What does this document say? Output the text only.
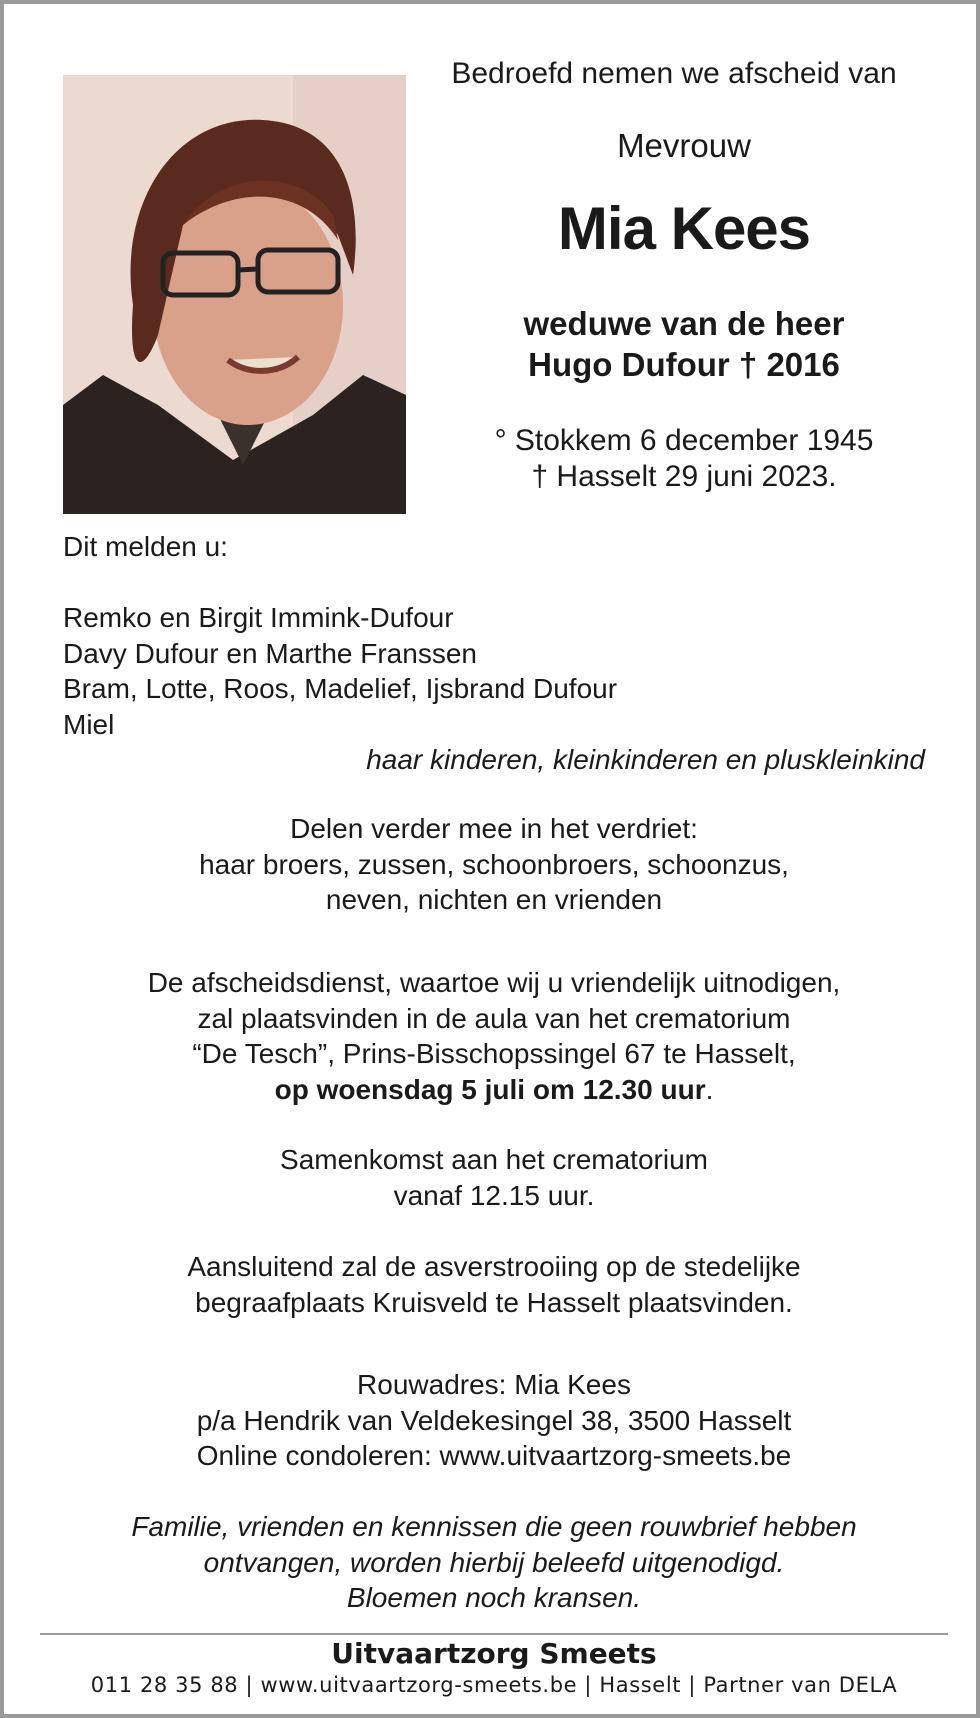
Bedroefd nemen we afscheid van
Mevrouw
Mia Kees
weduwe van de heer
Hugo Dufour † 2016
° Stokkem 6 december 1945
† Hasselt 29 juni 2023.
Dit melden u:
Remko en Birgit Immink-Dufour
Davy Dufour en Marthe Franssen
Bram, Lotte, Roos, Madelief, Ijsbrand Dufour
Miel
haar kinderen, kleinkinderen en pluskleinkind
Delen verder mee in het verdriet:
haar broers, zussen, schoonbroers, schoonzus,
neven, nichten en vrienden
De afscheidsdienst, waartoe wij u vriendelijk uitnodigen,
zal plaatsvinden in de aula van het crematorium
“De Tesch”, Prins-Bisschopssingel 67 te Hasselt,
op woensdag 5 juli om 12.30 uur.
Samenkomst aan het crematorium
vanaf 12.15 uur.
Aansluitend zal de asverstrooiing op de stedelijke
begraafplaats Kruisveld te Hasselt plaatsvinden.
Rouwadres: Mia Kees
p/a Hendrik van Veldekesingel 38, 3500 Hasselt
Online condoleren: www.uitvaartzorg-smeets.be
Familie, vrienden en kennissen die geen rouwbrief hebben
ontvangen, worden hierbij beleefd uitgenodigd.
Bloemen noch kransen.
Uitvaartzorg Smeets
011 28 35 88 | www.uitvaartzorg-smeets.be | Hasselt | Partner van DELA
